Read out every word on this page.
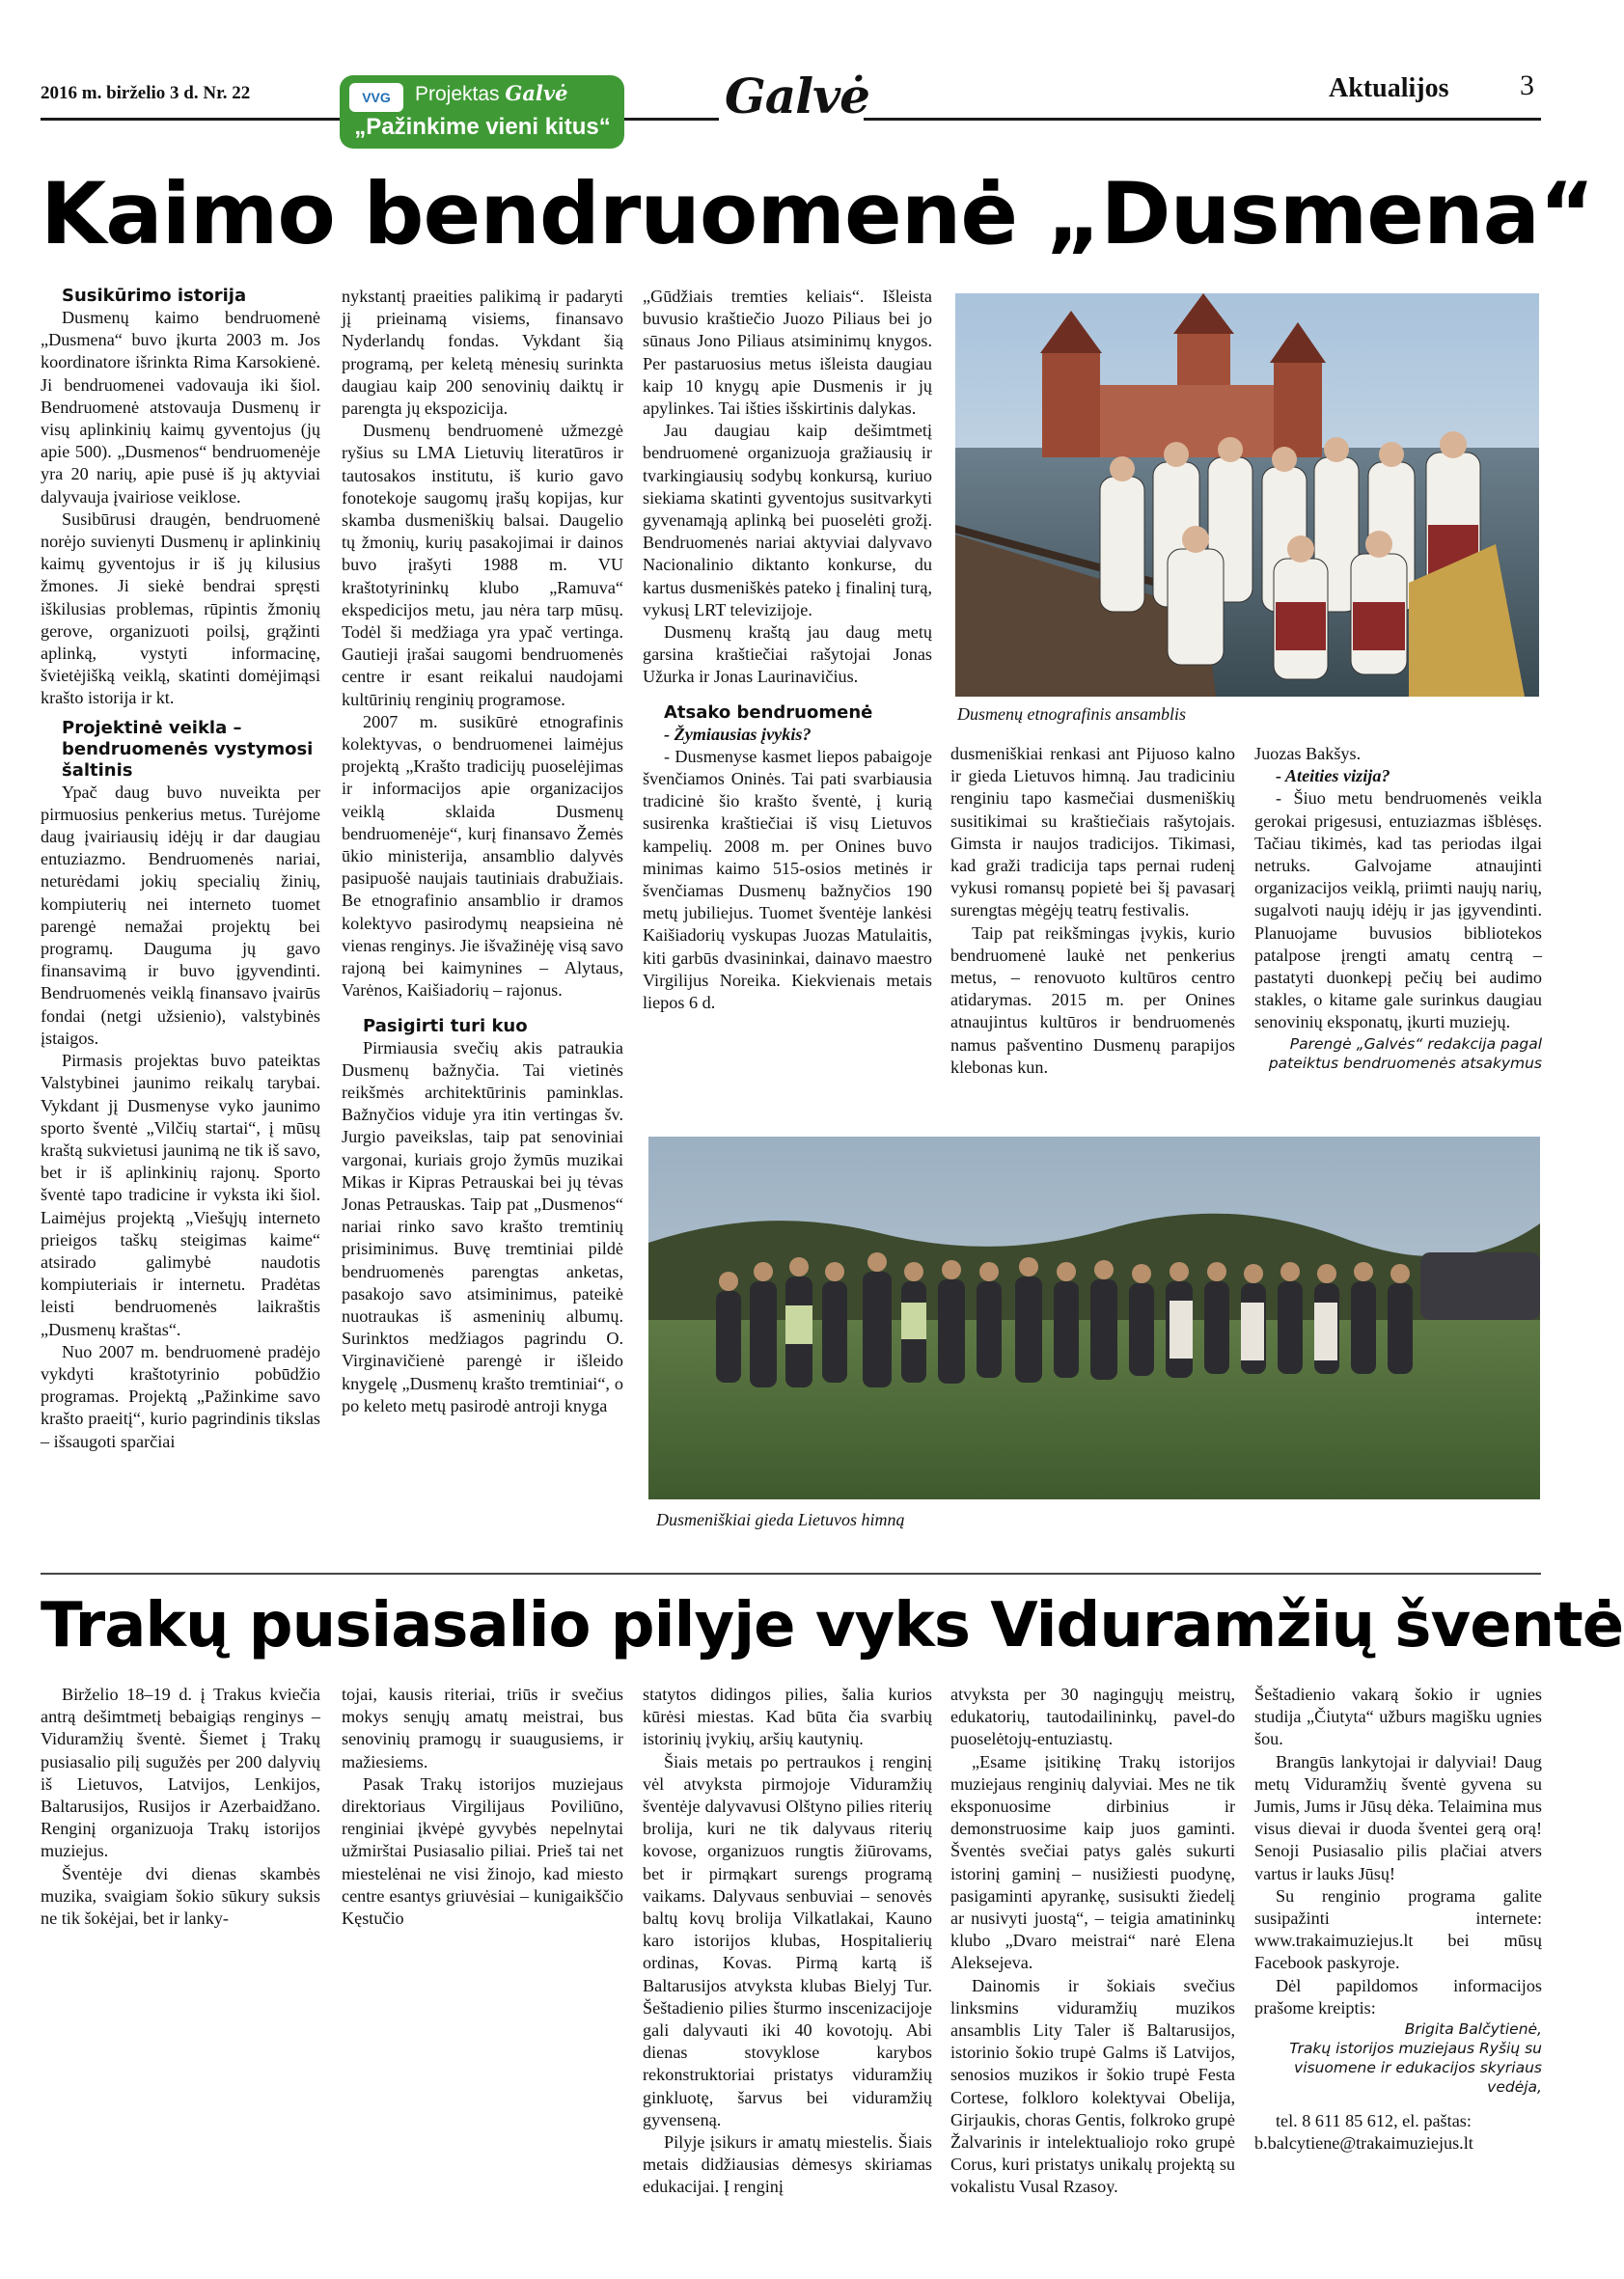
2016 m. birželio 3 d. Nr. 22	VVG	Projektas Galvė
„Pažinkime vieni kitus“
Galvė	Aktualijos 3
Kaimo bendruomenė „Dusmena“
Susikūrimo istorija

Dusmenų kaimo bendruomenė „Dusmena“ buvo įkurta 2003 m. Jos koordinatore išrinkta Rima Karsokienė. Ji bendruomenei vadovauja iki šiol. Bendruomenė atstovauja Dusmenų ir visų aplinkinių kaimų gyventojus (jų apie 500). „Dusmenos“ bendruomenėje yra 20 narių, apie pusė iš jų aktyviai dalyvauja įvairiose veiklose.

Susibūrusi draugėn, bendruomenė norėjo suvienyti Dusmenų ir aplinkinių kaimų gyventojus ir iš jų kilusius žmones. Ji siekė bendrai spręsti iškilusias problemas, rūpintis žmonių gerove, organizuoti poilsį, grąžinti aplinką, vystyti informacinę, švietėjišką veiklą, skatinti domėjimąsi krašto istorija ir kt.

Projektinė veikla – bendruomenės vystymosi šaltinis

Ypač daug buvo nuveikta per pirmuosius penkerius metus. Turėjome daug įvairiausių idėjų ir dar daugiau entuziazmo. Bendruomenės nariai, neturėdami jokių specialių žinių, kompiuterių nei interneto tuomet parengė nemažai projektų bei programų. Dauguma jų gavo finansavimą ir buvo įgyvendinti. Bendruomenės veiklą finansavo įvairūs fondai (netgi užsienio), valstybinės įstaigos.

Pirmasis projektas buvo pateiktas Valstybinei jaunimo reikalų tarybai. Vykdant jį Dusmenyse vyko jaunimo sporto šventė „Vilčių startai“, į mūsų kraštą sukvietusi jaunimą ne tik iš savo, bet ir iš aplinkinių rajonų. Sporto šventė tapo tradicine ir vyksta iki šiol. Laimėjus projektą „Viešųjų interneto prieigos taškų steigimas kaime“ atsirado galimybė naudotis kompiuteriais ir internetu. Pradėtas leisti bendruomenės laikraštis „Dusmenų kraštas“.

Nuo 2007 m. bendruomenė pradėjo vykdyti kraštotyrinio pobūdžio programas. Projektą „Pažinkime savo krašto praeitį“, kurio pagrindinis tikslas – išsaugoti sparčiai

nykstantį praeities palikimą ir padaryti jį prieinamą visiems, finansavo Nyderlandų fondas. Vykdant šią programą, per keletą mėnesių surinkta daugiau kaip 200 senovinių daiktų ir parengta jų ekspozicija.

Dusmenų bendruomenė užmezgė ryšius su LMA Lietuvių literatūros ir tautosakos institutu, iš kurio gavo fonotekoje saugomų įrašų kopijas, kur skamba dusmeniškių balsai. Daugelio tų žmonių, kurių pasakojimai ir dainos buvo įrašyti 1988 m. VU kraštotyrininkų klubo „Ramuva“ ekspedicijos metu, jau nėra tarp mūsų. Todėl ši medžiaga yra ypač vertinga. Gautieji įrašai saugomi bendruomenės centre ir esant reikalui naudojami kultūrinių renginių programose.

2007 m. susikūrė etnografinis kolektyvas, o bendruomenei laimėjus projektą „Krašto tradicijų puoselėjimas ir informacijos apie organizacijos veiklą sklaida Dusmenų bendruomenėje“, kurį finansavo Žemės ūkio ministerija, ansamblio dalyvės pasipuošė naujais tautiniais drabužiais. Be etnografinio ansamblio ir dramos kolektyvo pasirodymų neapsieina nė vienas renginys. Jie išvažinėję visą savo rajoną bei kaimynines – Alytaus, Varėnos, Kaišiadorių – rajonus.

Pasigirti turi kuo

Pirmiausia svečių akis patraukia Dusmenų bažnyčia. Tai vietinės reikšmės architektūrinis paminklas. Bažnyčios viduje yra itin vertingas šv. Jurgio paveikslas, taip pat senoviniai vargonai, kuriais grojo žymūs muzikai Mikas ir Kipras Petrauskai bei jų tėvas Jonas Petrauskas. Taip pat „Dusmenos“ nariai rinko savo krašto tremtinių prisiminimus. Buvę tremtiniai pildė bendruomenės parengtas anketas, pasakojo savo atsiminimus, pateikė nuotraukas iš asmeninių albumų. Surinktos medžiagos pagrindu O. Virginavičienė parengė ir išleido knygelę „Dusmenų krašto tremtiniai“, o po keleto metų pasirodė antroji knyga

„Gūdžiais tremties keliais“. Išleista buvusio kraštiečio Juozo Piliaus bei jo sūnaus Jono Piliaus atsiminimų knygos. Per pastaruosius metus išleista daugiau kaip 10 knygų apie Dusmenis ir jų apylinkes. Tai išties išskirtinis dalykas.

Jau daugiau kaip dešimtmetį bendruomenė organizuoja gražiausių ir tvarkingiausių sodybų konkursą, kuriuo siekiama skatinti gyventojus susitvarkyti gyvenamąją aplinką bei puoselėti grožį. Bendruomenės nariai aktyviai dalyvavo Nacionalinio diktanto konkurse, du kartus dusmeniškės pateko į finalinį turą, vykusį LRT televizijoje.

Dusmenų kraštą jau daug metų garsina kraštiečiai rašytojai Jonas Užurka ir Jonas Laurinavičius.

Atsako bendruomenė

- Žymiausias įvykis?

- Dusmenyse kasmet liepos pabaigoje švenčiamos Oninės. Tai pati svarbiausia tradicinė šio krašto šventė, į kurią susirenka kraštiečiai iš visų Lietuvos kampelių. 2008 m. per Onines buvo minimas kaimo 515-osios metinės ir švenčiamas Dusmenų bažnyčios 190 metų jubiliejus. Tuomet šventėje lankėsi Kaišiadorių vyskupas Juozas Matulaitis, kiti garbūs dvasininkai, dainavo maestro Virgilijus Noreika. Kiekvienais metais liepos 6 d.

Dusmenų etnografinis ansamblis

dusmeniškiai renkasi ant Pijuoso kalno ir gieda Lietuvos himną. Jau tradiciniu renginiu tapo kasmečiai dusmeniškių susitikimai su kraštiečiais rašytojais. Gimsta ir naujos tradicijos. Tikimasi, kad graži tradicija taps pernai rudenį vykusi romansų popietė bei šį pavasarį surengtas mėgėjų teatrų festivalis.

Taip pat reikšmingas įvykis, kurio bendruomenė laukė net penkerius metus, – renovuoto kultūros centro atidarymas. 2015 m. per Onines atnaujintus kultūros ir bendruomenės namus pašventino Dusmenų parapijos klebonas kun.

Juozas Bakšys.

- Ateities vizija?

- Šiuo metu bendruomenės veikla gerokai prigesusi, entuziazmas išblėsęs. Tačiau tikimės, kad tas periodas ilgai netruks. Galvojame atnaujinti organizacijos veiklą, priimti naujų narių, sugalvoti naujų idėjų ir jas įgyvendinti. Planuojame buvusios bibliotekos patalpose įrengti amatų centrą – pastatyti duonkepį pečių bei audimo stakles, o kitame gale surinkus daugiau senovinių eksponatų, įkurti muziejų.

Parengė „Galvės“ redakcija pagal

pateiktus bendruomenės atsakymus

Dusmeniškiai gieda Lietuvos himną
Trakų pusiasalio pilyje vyks Viduramžių šventė

Birželio 18–19 d. į Trakus kviečia antrą dešimtmetį bebaigiąs renginys – Viduramžių šventė. Šiemet į Trakų pusiasalio pilį sugužės per 200 dalyvių iš Lietuvos, Latvijos, Lenkijos, Baltarusijos, Rusijos ir Azerbaidžano. Renginį organizuoja Trakų istorijos muziejus.

Šventėje dvi dienas skambės muzika, svaigiam šokio sūkury suksis ne tik šokėjai, bet ir lanky-

tojai, kausis riteriai, triūs ir svečius mokys senųjų amatų meistrai, bus senovinių pramogų ir suaugusiems, ir mažiesiems.

Pasak Trakų istorijos muziejaus direktoriaus Virgilijaus Poviliūno, renginiai įkvėpė gyvybės nepelnytai užmirštai Pusiasalio piliai. Prieš tai net miestelėnai ne visi žinojo, kad miesto centre esantys griuvėsiai – kunigaikščio Kęstučio

statytos didingos pilies, šalia kurios kūrėsi miestas. Kad būta čia svarbių istorinių įvykių, aršių kautynių.

Šiais metais po pertraukos į renginį vėl atvyksta pirmojoje Viduramžių šventėje dalyvavusi Olštyno pilies riterių brolija, kuri ne tik dalyvaus riterių kovose, organizuos rungtis žiūrovams, bet ir pirmąkart surengs programą vaikams. Dalyvaus senbuviai – senovės baltų kovų brolija Vilkatlakai, Kauno karo istorijos klubas, Hospitalierių ordinas, Kovas. Pirmą kartą iš Baltarusijos atvyksta klubas Bielyj Tur. Šeštadienio pilies šturmo inscenizacijoje gali dalyvauti iki 40 kovotojų. Abi dienas stovyklose karybos rekonstruktoriai pristatys viduramžių ginkluotę, šarvus bei viduramžių gyvenseną.

Pilyje įsikurs ir amatų miestelis. Šiais metais didžiausias dėmesys skiriamas edukacijai. Į renginį

atvyksta per 30 nagingųjų meistrų, edukatorių, tautodailininkų, pavel-do puoselėtojų-entuziastų.

„Esame įsitikinę Trakų istorijos muziejaus renginių dalyviai. Mes ne tik eksponuosime dirbinius ir demonstruosime kaip juos gaminti. Šventės svečiai patys galės sukurti istorinį gaminį – nusižiesti puodynę, pasigaminti apyrankę, susisukti žiedelį ar nusivyti juostą“, – teigia amatininkų klubo „Dvaro meistrai“ narė Elena Aleksejeva.

Dainomis ir šokiais svečius linksmins viduramžių muzikos ansamblis Lity Taler iš Baltarusijos, istorinio šokio trupė Galms iš Latvijos, senosios muzikos ir šokio trupė Festa Cortese, folkloro kolektyvai Obelija, Girjaukis, choras Gentis, folkroko grupė Žalvarinis ir intelektualiojo roko grupė Corus, kuri pristatys unikalų projektą su vokalistu Vusal Rzasoy.

Šeštadienio vakarą šokio ir ugnies studija „Čiutyta“ užburs magišku ugnies šou.

Brangūs lankytojai ir dalyviai! Daug metų Viduramžių šventė gyvena su Jumis, Jums ir Jūsų dėka. Telaimina mus visus dievai ir duoda šventei gerą orą! Senoji Pusiasalio pilis plačiai atvers vartus ir lauks Jūsų!

Su renginio programa galite susipažinti internete: www.trakaimuziejus.lt bei mūsų Facebook paskyroje.

Dėl papildomos informacijos prašome kreiptis:

Brigita Balčytienė,

Trakų istorijos muziejaus Ryšių su visuomene ir edukacijos skyriaus vedėja,

tel. 8 611 85 612, el. paštas:

b.balcytiene@trakaimuziejus.lt
